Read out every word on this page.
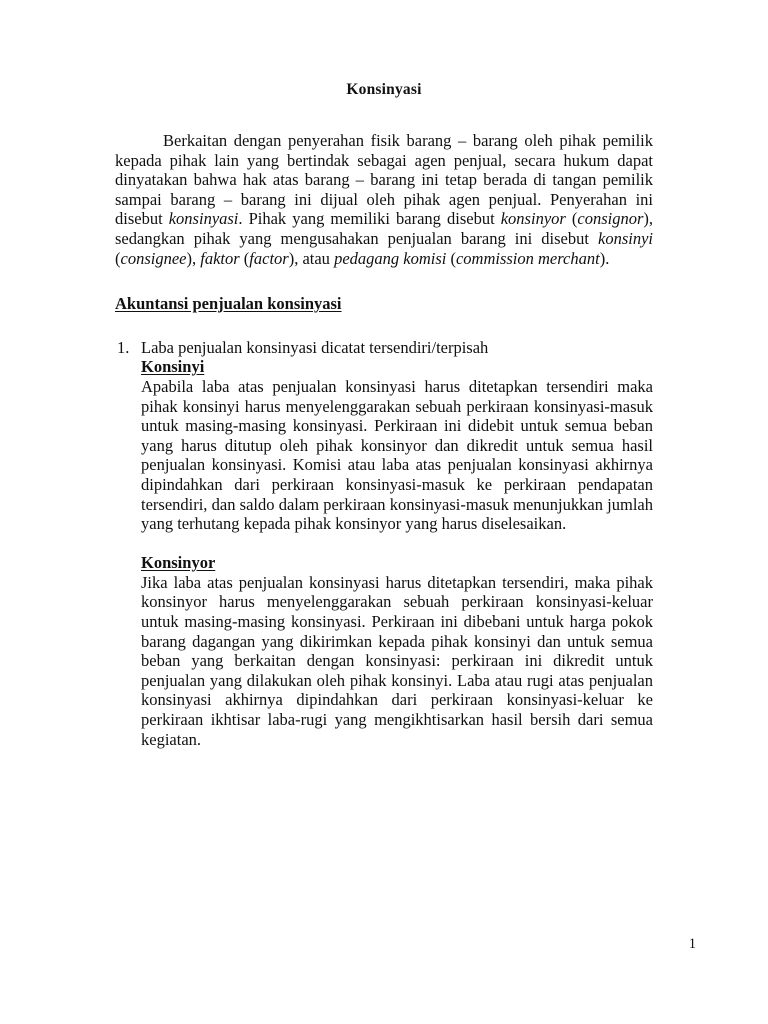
Konsinyasi

Berkaitan dengan penyerahan fisik barang – barang oleh pihak pemilik kepada pihak lain yang bertindak sebagai agen penjual, secara hukum dapat dinyatakan bahwa hak atas barang – barang ini tetap berada di tangan pemilik sampai barang – barang ini dijual oleh pihak agen penjual. Penyerahan ini disebut konsinyasi. Pihak yang memiliki barang disebut konsinyor (consignor), sedangkan pihak yang mengusahakan penjualan barang ini disebut konsinyi (consignee), faktor (factor), atau pedagang komisi (commission merchant).

Akuntansi penjualan konsinyasi
1. Laba penjualan konsinyasi dicatat tersendiri/terpisah
Konsinyi

Apabila laba atas penjualan konsinyasi harus ditetapkan tersendiri maka pihak konsinyi harus menyelenggarakan sebuah perkiraan konsinyasi-masuk untuk masing-masing konsinyasi. Perkiraan ini didebit untuk semua beban yang harus ditutup oleh pihak konsinyor dan dikredit untuk semua hasil penjualan konsinyasi. Komisi atau laba atas penjualan konsinyasi akhirnya dipindahkan dari perkiraan konsinyasi-masuk ke perkiraan pendapatan tersendiri, dan saldo dalam perkiraan konsinyasi-masuk menunjukkan jumlah yang terhutang kepada pihak konsinyor yang harus diselesaikan.

Konsinyor

Jika laba atas penjualan konsinyasi harus ditetapkan tersendiri, maka pihak konsinyor harus menyelenggarakan sebuah perkiraan konsinyasi-keluar untuk masing-masing konsinyasi. Perkiraan ini dibebani untuk harga pokok barang dagangan yang dikirimkan kepada pihak konsinyi dan untuk semua beban yang berkaitan dengan konsinyasi: perkiraan ini dikredit untuk penjualan yang dilakukan oleh pihak konsinyi. Laba atau rugi atas penjualan konsinyasi akhirnya dipindahkan dari perkiraan konsinyasi-keluar ke perkiraan ikhtisar laba-rugi yang mengikhtisarkan hasil bersih dari semua kegiatan.

1
